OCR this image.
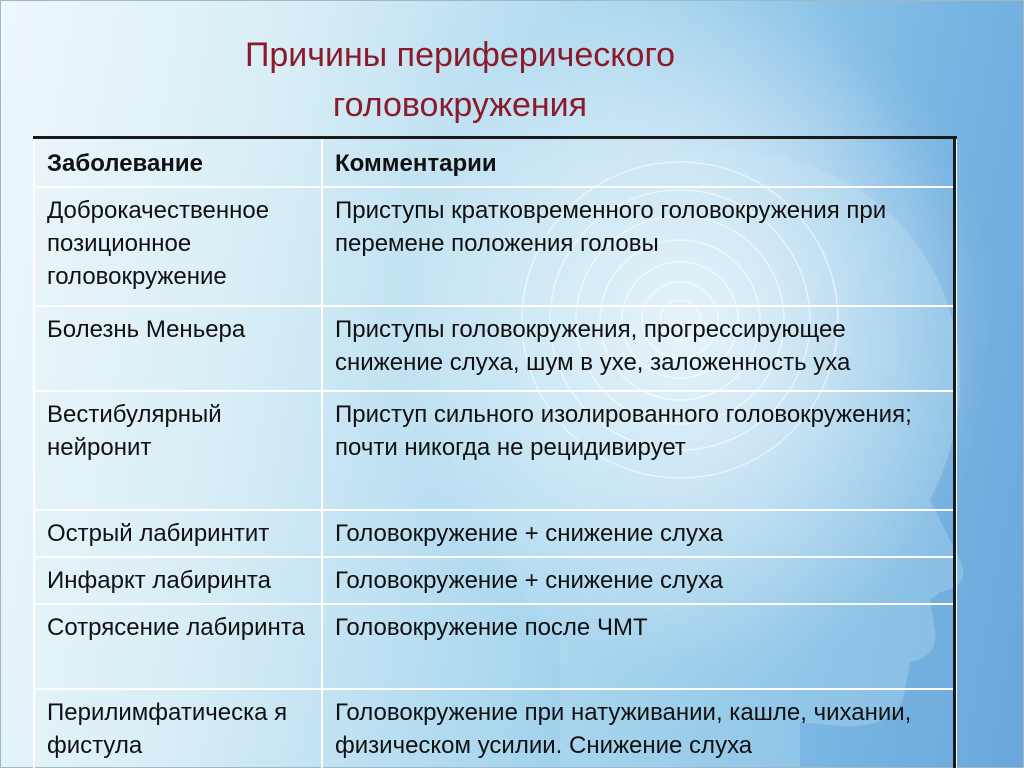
Причины периферического
головокружения
Заболевание	Комментарии
Доброкачественное позиционное головокружение	Приступы кратковременного головокружения при перемене положения головы
Болезнь Меньера	Приступы головокружения, прогрессирующее снижение слуха, шум в ухе, заложенность уха
Вестибулярный нейронит	Приступ сильного изолированного головокружения; почти никогда не рецидивирует
Острый лабиринтит	Головокружение + снижение слуха
Инфаркт лабиринта	Головокружение + снижение слуха
Сотрясение лабиринта	Головокружение после ЧМТ
Перилимфатическа я фистула	Головокружение при натуживании, кашле, чихании, физическом усилии. Снижение слуха
